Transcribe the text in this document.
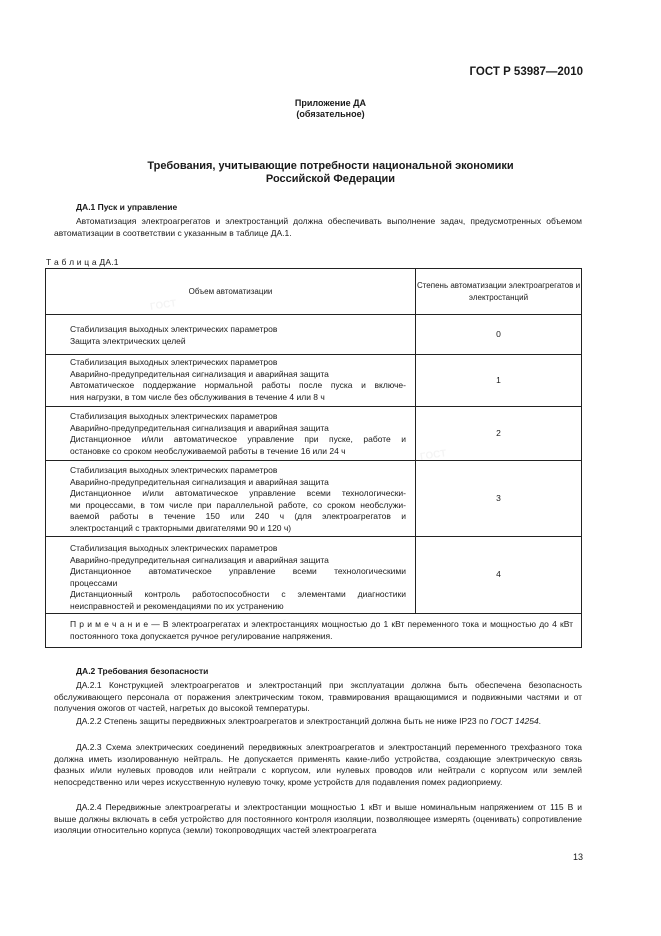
ГОСТ Р 53987—2010
Приложение ДА
(обязательное)
Требования, учитывающие потребности национальной экономики
Российской Федерации
ДА.1 Пуск и управление
Автоматизация электроагрегатов и электростанций должна обеспечивать выполнение задач, предусмотренных объемом автоматизации в соответствии с указанным в таблице ДА.1.
Т а б л и ц а ДА.1
Объем автоматизации
Степень автоматизации электроагрегатов и электростанций
Стабилизация выходных электрических параметров
Защита электрических целей
0
Стабилизация выходных электрических параметров
Аварийно-предупредительная сигнализация и аварийная защита
Автоматическое поддержание нормальной работы после пуска и включе-
ния нагрузки, в том числе без обслуживания в течение 4 или 8 ч
1
Стабилизация выходных электрических параметров
Аварийно-предупредительная сигнализация и аварийная защита
Дистанционное и/или автоматическое управление при пуске, работе и
остановке со сроком необслуживаемой работы в течение 16 или 24 ч
2
Стабилизация выходных электрических параметров
Аварийно-предупредительная сигнализация и аварийная защита
Дистанционное и/или автоматическое управление всеми технологически-
ми процессами, в том числе при параллельной работе, со сроком необслужи-
ваемой работы в течение 150 или 240 ч (для электроагрегатов и
электростанций с тракторными двигателями 90 и 120 ч)
3
Стабилизация выходных электрических параметров
Аварийно-предупредительная сигнализация и аварийная защита
Дистанционное автоматическое управление всеми технологическими
процессами
Дистанционный контроль работоспособности с элементами диагностики
неисправностей и рекомендациями по их устранению
4
П р и м е ч а н и е — В электроагрегатах и электростанциях мощностью до 1 кВт переменного тока и мощностью до 4 кВт постоянного тока допускается ручное регулирование напряжения.
ДА.2 Требования безопасности
ДА.2.1 Конструкцией электроагрегатов и электростанций при эксплуатации должна быть обеспечена безопасность обслуживающего персонала от поражения электрическим током, травмирования вращающимися и подвижными частями и от получения ожогов от частей, нагретых до высокой температуры.
ДА.2.2 Степень защиты передвижных электроагрегатов и электростанций должна быть не ниже IP23 по ГОСТ 14254.
ДА.2.3 Схема электрических соединений передвижных электроагрегатов и электростанций переменного трехфазного тока должна иметь изолированную нейтраль. Не допускается применять какие-либо устройства, создающие электрическую связь фазных и/или нулевых проводов или нейтрали с корпусом, или нулевых проводов или нейтрали с корпусом или землей непосредственно или через искусственную нулевую точку, кроме устройств для подавления помех радиоприему.
ДА.2.4 Передвижные электроагрегаты и электростанции мощностью 1 кВт и выше номинальным напряжением от 115 В и выше должны включать в себя устройство для постоянного контроля изоляции, позволяющее измерять (оценивать) сопротивление изоляции относительно корпуса (земли) токопроводящих частей электроагрегата
13
